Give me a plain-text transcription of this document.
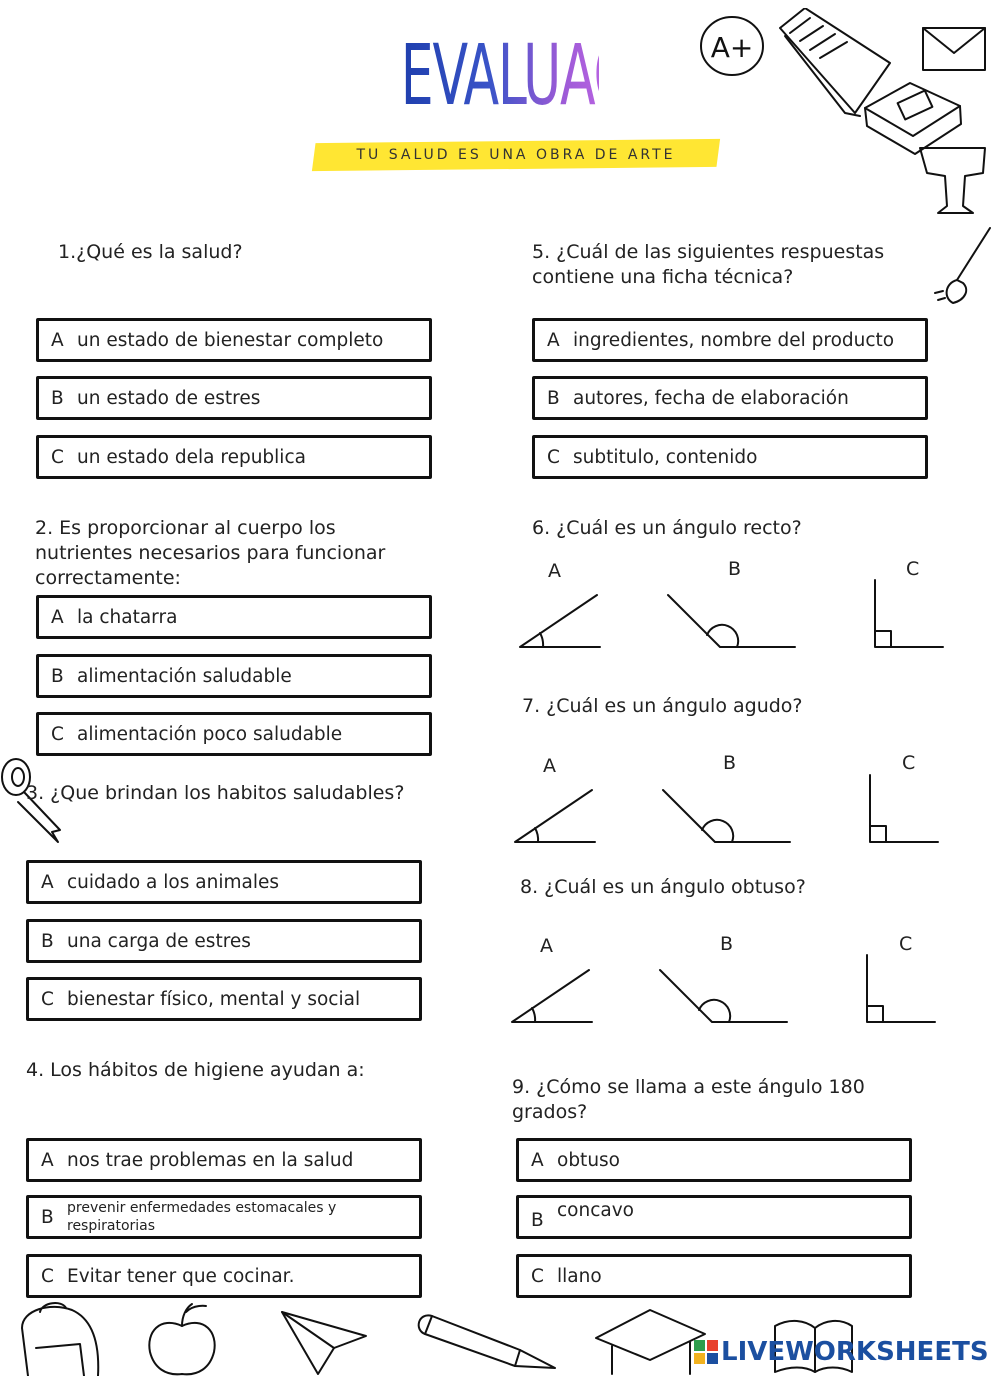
EVALUACIÓN
TU SALUD ES UNA OBRA DE ARTE
A+
1.¿Qué es la salud?
A un estado de bienestar completo
B un estado de estres
C un estado dela republica
2. Es proporcionar al cuerpo los nutrientes necesarios para funcionar correctamente:
A la chatarra
B alimentación saludable
C alimentación poco saludable
3. ¿Que brindan los habitos saludables?
A cuidado a los animales
B una carga de estres
C bienestar físico, mental y social
4. Los hábitos de higiene ayudan a:
A nos trae problemas en la salud
B prevenir enfermedades estomacales y respiratorias
C Evitar tener que cocinar.
5. ¿Cuál de las siguientes respuestas contiene una ficha técnica?
A ingredientes, nombre del producto
B autores, fecha de elaboración
C subtitulo, contenido
6. ¿Cuál es un ángulo recto?
A	B	C
7. ¿Cuál es un ángulo agudo?
A	B	C
8. ¿Cuál es un ángulo obtuso?
A	B	C
9. ¿Cómo se llama a este ángulo 180 grados?
A obtuso
B concavo
C llano
LIVEWORKSHEETS
